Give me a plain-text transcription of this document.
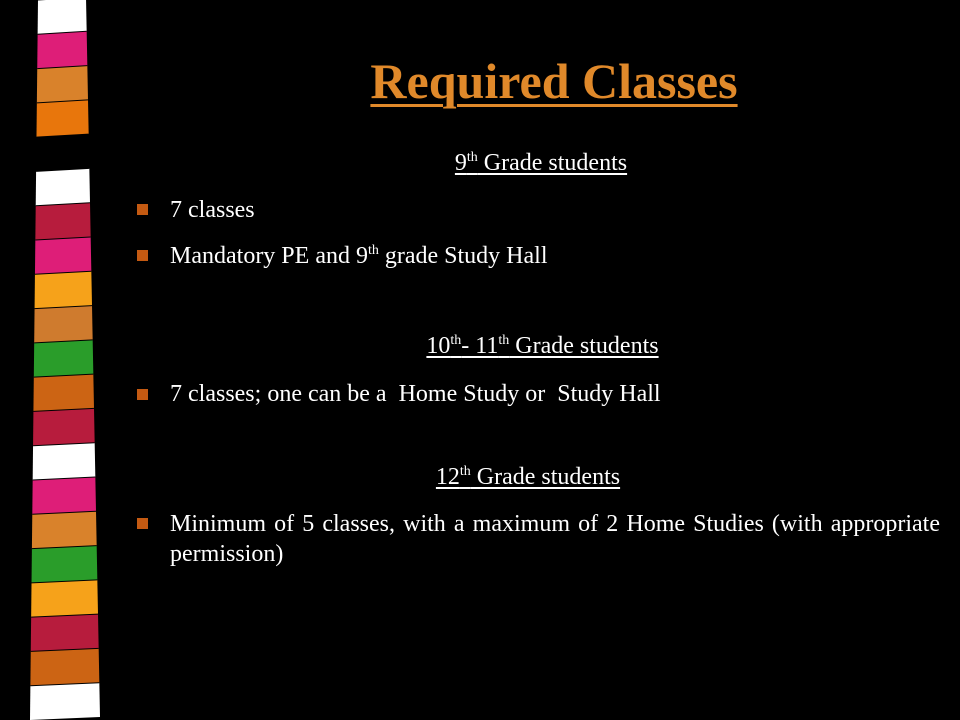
Required Classes
9th Grade students
7 classes
Mandatory PE and 9th grade Study Hall
10th- 11th Grade students
7 classes; one can be a  Home Study or  Study Hall
12th Grade students
Minimum of 5 classes, with a maximum of 2 Home Studies (with appropriate permission)
